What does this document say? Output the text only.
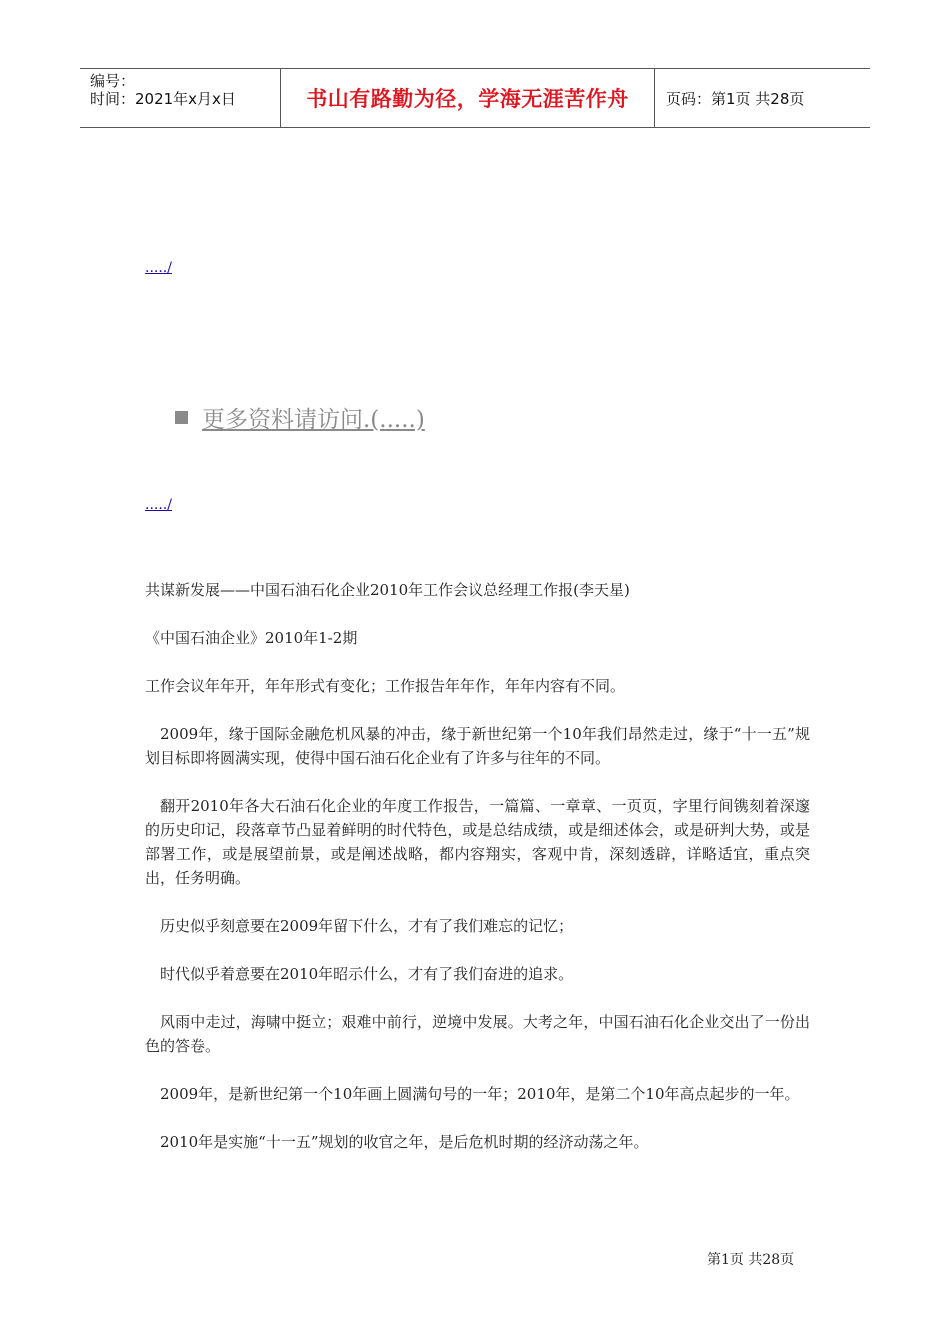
编号：
时间：2021年x月x日	书山有路勤为径，学海无涯苦作舟	页码：第1页 共28页
...../
更多资料请访问.(.....)
...../

共谋新发展——中国石油石化企业2010年工作会议总经理工作报(李天星)

《中国石油企业》2010年1-2期

工作会议年年开，年年形式有变化；工作报告年年作，年年内容有不同。

2009年，缘于国际金融危机风暴的冲击，缘于新世纪第一个10年我们昂然走过，缘于“十一五”规划目标即将圆满实现，使得中国石油石化企业有了许多与往年的不同。

翻开2010年各大石油石化企业的年度工作报告，一篇篇、一章章、一页页，字里行间镌刻着深邃的历史印记，段落章节凸显着鲜明的时代特色，或是总结成绩，或是细述体会，或是研判大势，或是部署工作，或是展望前景，或是阐述战略，都内容翔实，客观中肯，深刻透辟，详略适宜，重点突出，任务明确。

历史似乎刻意要在2009年留下什么，才有了我们难忘的记忆；

时代似乎着意要在2010年昭示什么，才有了我们奋进的追求。

风雨中走过，海啸中挺立；艰难中前行，逆境中发展。大考之年，中国石油石化企业交出了一份出色的答卷。

2009年，是新世纪第一个10年画上圆满句号的一年；2010年，是第二个10年高点起步的一年。

2010年是实施“十一五”规划的收官之年，是后危机时期的经济动荡之年。

第1页 共28页
